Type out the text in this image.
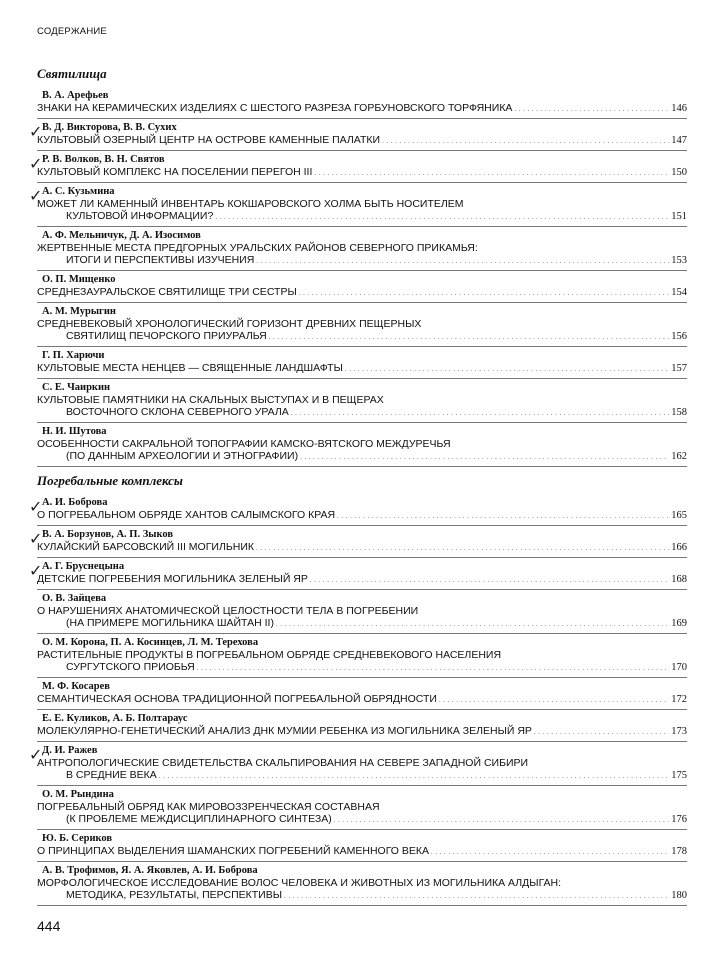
СОДЕРЖАНИЕ
Святилища
В. А. Арефьев
ЗНАКИ НА КЕРАМИЧЕСКИХ ИЗДЕЛИЯХ С ШЕСТОГО РАЗРЕЗА ГОРБУНОВСКОГО ТОРФЯНИКА . . .	146
✓ В. Д. Викторова, В. В. Сухих
КУЛЬТОВЫЙ ОЗЕРНЫЙ ЦЕНТР НА ОСТРОВЕ КАМЕННЫЕ ПАЛАТКИ . . .	147
✓ Р. В. Волков, В. Н. Святов
КУЛЬТОВЫЙ КОМПЛЕКС НА ПОСЕЛЕНИИ ПЕРЕГОН III . . .	150
✓ А. С. Кузьмина
МОЖЕТ ЛИ КАМЕННЫЙ ИНВЕНТАРЬ КОКШАРОВСКОГО ХОЛМА БЫТЬ НОСИТЕЛЕМ
КУЛЬТОВОЙ ИНФОРМАЦИИ? . . .	151
А. Ф. Мельничук, Д. А. Изосимов
ЖЕРТВЕННЫЕ МЕСТА ПРЕДГОРНЫХ УРАЛЬСКИХ РАЙОНОВ СЕВЕРНОГО ПРИКАМЬЯ:
ИТОГИ И ПЕРСПЕКТИВЫ ИЗУЧЕНИЯ . . .	153
О. П. Мищенко
СРЕДНЕЗАУРАЛЬСКОЕ СВЯТИЛИЩЕ ТРИ СЕСТРЫ . . .	154
А. М. Мурыгин
СРЕДНЕВЕКОВЫЙ ХРОНОЛОГИЧЕСКИЙ ГОРИЗОНТ ДРЕВНИХ ПЕЩЕРНЫХ
СВЯТИЛИЩ ПЕЧОРСКОГО ПРИУРАЛЬЯ . . .	156
Г. П. Харючи
КУЛЬТОВЫЕ МЕСТА НЕНЦЕВ — СВЯЩЕННЫЕ ЛАНДШАФТЫ . . .	157
С. Е. Чаиркин
КУЛЬТОВЫЕ ПАМЯТНИКИ НА СКАЛЬНЫХ ВЫСТУПАХ И В ПЕЩЕРАХ
ВОСТОЧНОГО СКЛОНА СЕВЕРНОГО УРАЛА . . .	158
Н. И. Шутова
ОСОБЕННОСТИ САКРАЛЬНОЙ ТОПОГРАФИИ КАМСКО-ВЯТСКОГО МЕЖДУРЕЧЬЯ
(ПО ДАННЫМ АРХЕОЛОГИИ И ЭТНОГРАФИИ) . . .	162
Погребальные комплексы
✓ А. И. Боброва
О ПОГРЕБАЛЬНОМ ОБРЯДЕ ХАНТОВ САЛЫМСКОГО КРАЯ . . .	165
✓ В. А. Борзунов, А. П. Зыков
КУЛАЙСКИЙ БАРСОВСКИЙ III МОГИЛЬНИК . . .	166
✓ А. Г. Бруснецына
ДЕТСКИЕ ПОГРЕБЕНИЯ МОГИЛЬНИКА ЗЕЛЕНЫЙ ЯР . . .	168
О. В. Зайцева
О НАРУШЕНИЯХ АНАТОМИЧЕСКОЙ ЦЕЛОСТНОСТИ ТЕЛА В ПОГРЕБЕНИИ
(НА ПРИМЕРЕ МОГИЛЬНИКА ШАЙТАН II) . . .	169
О. М. Корона, П. А. Косинцев, Л. М. Терехова
РАСТИТЕЛЬНЫЕ ПРОДУКТЫ В ПОГРЕБАЛЬНОМ ОБРЯДЕ СРЕДНЕВЕКОВОГО НАСЕЛЕНИЯ
СУРГУТСКОГО ПРИОБЬЯ . . .	170
М. Ф. Косарев
СЕМАНТИЧЕСКАЯ ОСНОВА ТРАДИЦИОННОЙ ПОГРЕБАЛЬНОЙ ОБРЯДНОСТИ . . .	172
Е. Е. Куликов, А. Б. Полтараус
МОЛЕКУЛЯРНО-ГЕНЕТИЧЕСКИЙ АНАЛИЗ ДНК МУМИИ РЕБЕНКА ИЗ МОГИЛЬНИКА ЗЕЛЕНЫЙ ЯР . . .	173
✓ Д. И. Ражев
АНТРОПОЛОГИЧЕСКИЕ СВИДЕТЕЛЬСТВА СКАЛЬПИРОВАНИЯ НА СЕВЕРЕ ЗАПАДНОЙ СИБИРИ
В СРЕДНИЕ ВЕКА . . .	175
О. М. Рындина
ПОГРЕБАЛЬНЫЙ ОБРЯД КАК МИРОВОЗЗРЕНЧЕСКАЯ СОСТАВНАЯ
(К ПРОБЛЕМЕ МЕЖДИСЦИПЛИНАРНОГО СИНТЕЗА) . . .	176
Ю. Б. Сериков
О ПРИНЦИПАХ ВЫДЕЛЕНИЯ ШАМАНСКИХ ПОГРЕБЕНИЙ КАМЕННОГО ВЕКА . . .	178
А. В. Трофимов, Я. А. Яковлев, А. И. Боброва
МОРФОЛОГИЧЕСКОЕ ИССЛЕДОВАНИЕ ВОЛОС ЧЕЛОВЕКА И ЖИВОТНЫХ ИЗ МОГИЛЬНИКА АЛДЫГАН:
МЕТОДИКА, РЕЗУЛЬТАТЫ, ПЕРСПЕКТИВЫ . . .	180
444
